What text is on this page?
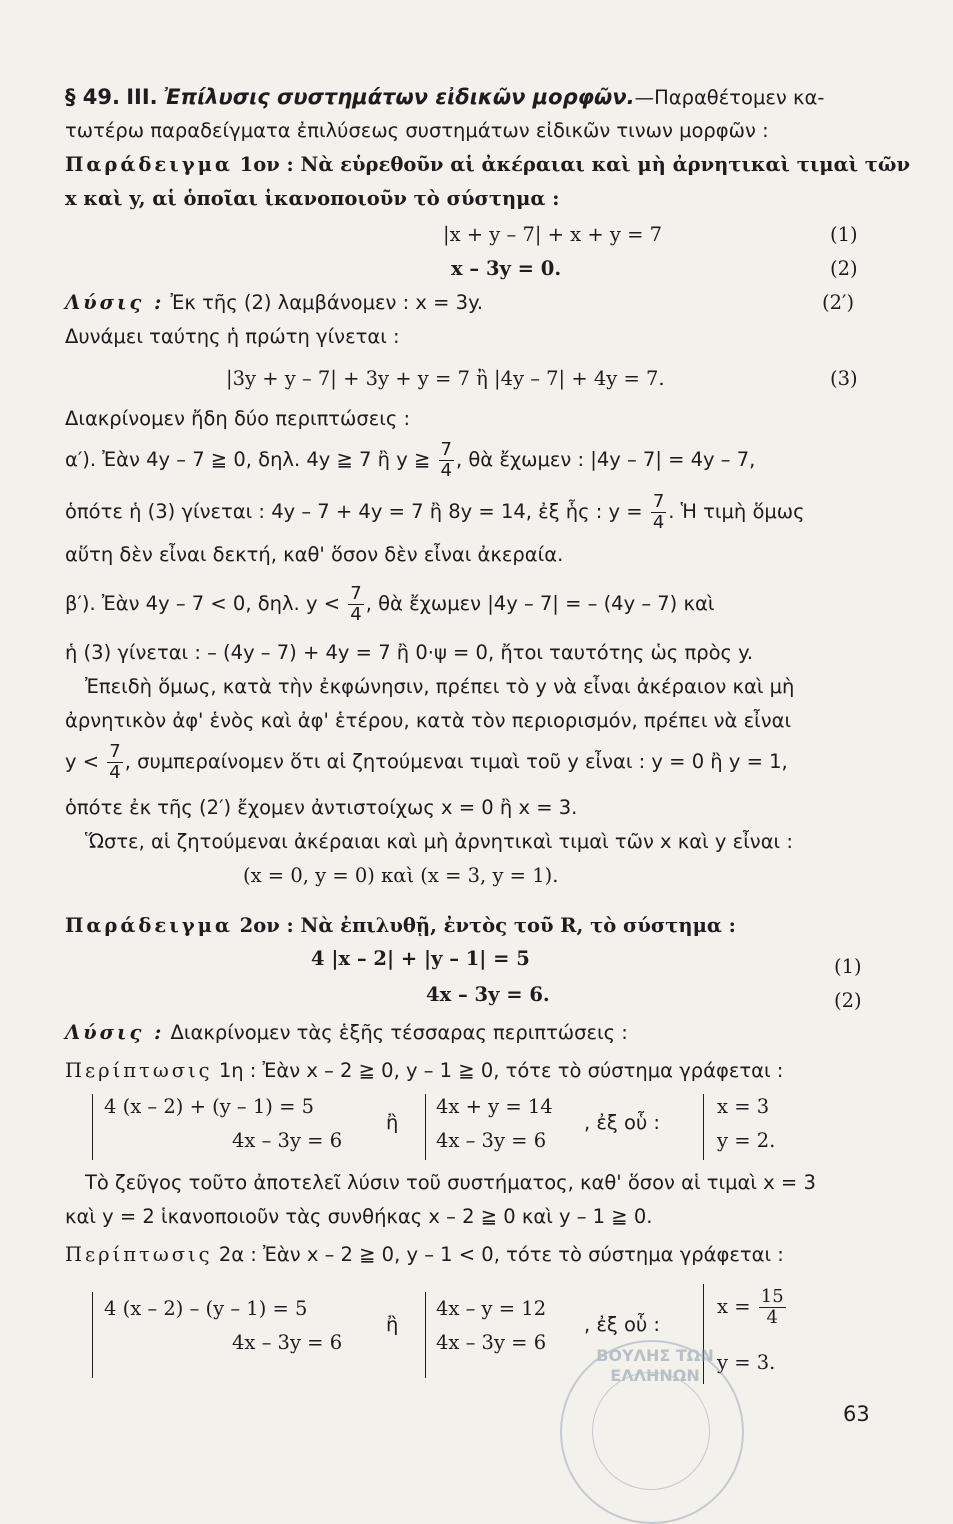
§ 49. III. Ἐπίλυσις συστημάτων εἰδικῶν μορφῶν.—Παραθέτομεν κα-
τωτέρω παραδείγματα ἐπιλύσεως συστημάτων εἰδικῶν τινων μορφῶν :
Παράδειγμα 1ον : Νὰ εὑρεθοῦν αἱ ἀκέραιαι καὶ μὴ ἀρνητικαὶ τιμαὶ τῶν
x καὶ y, αἱ ὁποῖαι ἱκανοποιοῦν τὸ σύστημα :
|x + y – 7| + x + y = 7	(1)
x – 3y = 0.	(2)
Λύσις : Ἐκ τῆς (2) λαμβάνομεν : x = 3y.	(2′)
Δυνάμει ταύτης ἡ πρώτη γίνεται :
|3y + y – 7| + 3y + y = 7 ἢ |4y – 7| + 4y = 7.	(3)
Διακρίνομεν ἤδη δύο περιπτώσεις :
α′). Ἐὰν 4y – 7 ≧ 0, δηλ. 4y ≧ 7 ἢ y ≧ $\frac{7}{4}$ , θὰ ἔχωμεν : |4y – 7| = 4y – 7,
ὁπότε ἡ (3) γίνεται : 4y – 7 + 4y = 7 ἢ 8y = 14, ἐξ ἧς : $y = \frac{7}{4}$ . Ἡ τιμὴ ὅμως
αὕτη δὲν εἶναι δεκτή, καθ' ὅσον δὲν εἶναι ἀκεραία.
β′). Ἐὰν 4y – 7 < 0, δηλ. $y < \frac{7}{4}$ , θὰ ἔχωμεν |4y – 7| = – (4y – 7) καὶ
ἡ (3) γίνεται : – (4y – 7) + 4y = 7 ἢ 0·ψ = 0, ἤτοι ταυτότης ὡς πρὸς y.
Ἐπειδὴ ὅμως, κατὰ τὴν ἐκφώνησιν, πρέπει τὸ y νὰ εἶναι ἀκέραιον καὶ μὴ
ἀρνητικὸν ἀφ' ἑνὸς καὶ ἀφ' ἑτέρου, κατὰ τὸν περιορισμόν, πρέπει νὰ εἶναι
$y < \frac{7}{4}$ , συμπεραίνομεν ὅτι αἱ ζητούμεναι τιμαὶ τοῦ y εἶναι : y = 0 ἢ y = 1,
ὁπότε ἐκ τῆς (2′) ἔχομεν ἀντιστοίχως x = 0 ἢ x = 3.
Ὥστε, αἱ ζητούμεναι ἀκέραιαι καὶ μὴ ἀρνητικαὶ τιμαὶ τῶν x καὶ y εἶναι :
(x = 0, y = 0) καὶ (x = 3, y = 1).
Παράδειγμα 2ον : Νὰ ἐπιλυθῇ, ἐντὸς τοῦ R, τὸ σύστημα :
4 |x – 2| + |y – 1| = 5	(1)
4x – 3y = 6.	(2)
Λύσις : Διακρίνομεν τὰς ἑξῆς τέσσαρας περιπτώσεις :
Περίπτωσις 1η : Ἐὰν x – 2 ≧ 0, y – 1 ≧ 0, τότε τὸ σύστημα γράφεται :
4 (x – 2) + (y – 1) = 5
4x – 3y = 6
ἢ
4x + y = 14
4x – 3y = 6
, ἐξ οὗ :
x = 3
y = 2.
Τὸ ζεῦγος τοῦτο ἀποτελεῖ λύσιν τοῦ συστήματος, καθ' ὅσον αἱ τιμαὶ x = 3
καὶ y = 2 ἱκανοποιοῦν τὰς συνθήκας x – 2 ≧ 0 καὶ y – 1 ≧ 0.
Περίπτωσις 2α : Ἐὰν x – 2 ≧ 0, y – 1 < 0, τότε τὸ σύστημα γράφεται :
4 (x – 2) – (y – 1) = 5
4x – 3y = 6
ἢ
4x – y = 12
4x – 3y = 6
, ἐξ οὗ :
$x = \frac{15}{4}$
y = 3.
ΒΟΥΛΗΣ ΤΩΝ ΕΛΛΗΝΩΝ
63
